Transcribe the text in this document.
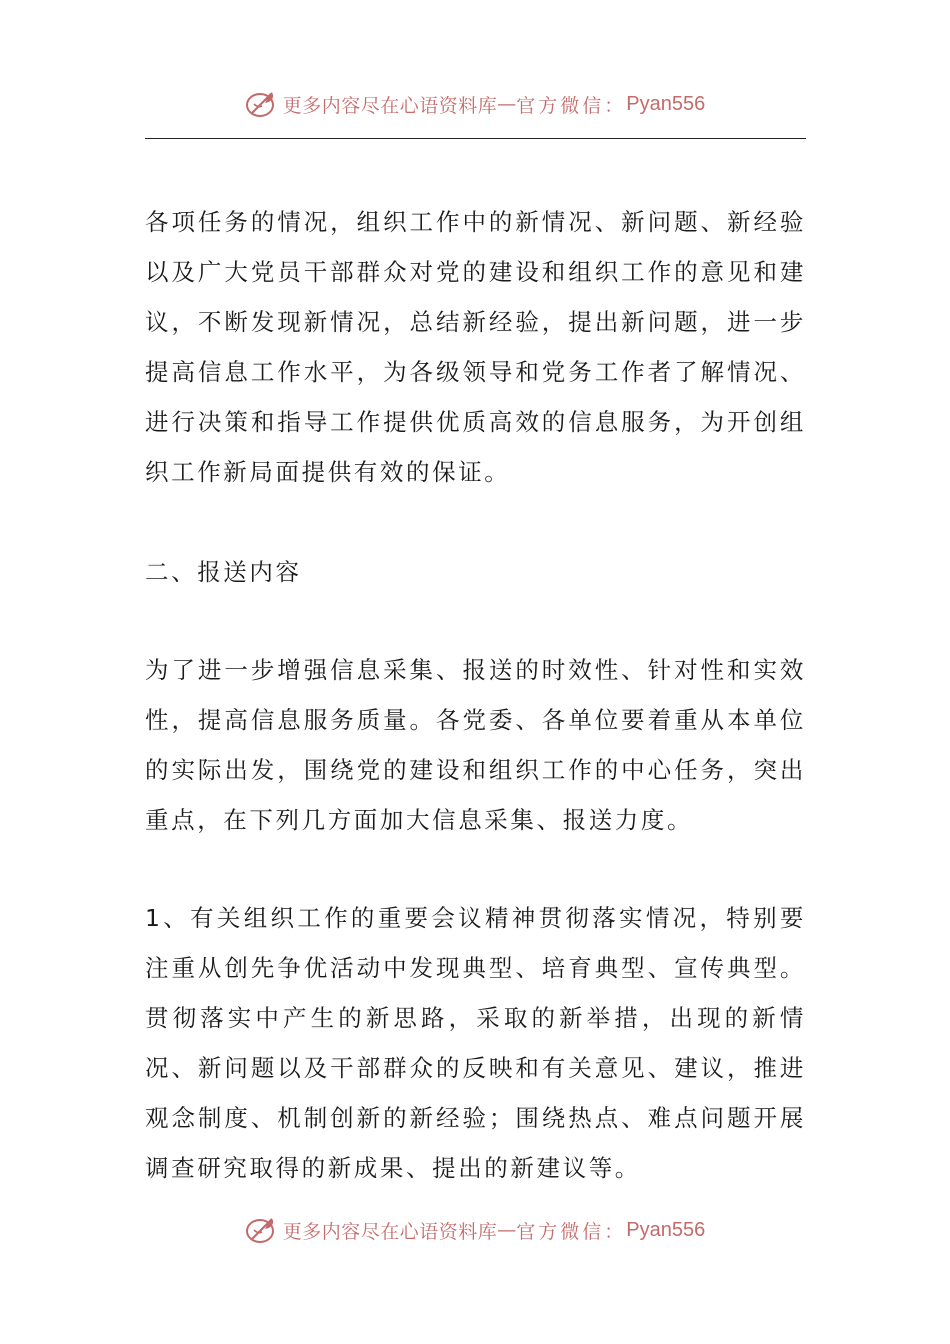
更多内容尽在心语资料库 — 官方微信： Pyan556

各项任务的情况，组织工作中的新情况、新问题、新经验以及广大党员干部群众对党的建设和组织工作的意见和建议，不断发现新情况，总结新经验，提出新问题，进一步提高信息工作水平，为各级领导和党务工作者了解情况、进行决策和指导工作提供优质高效的信息服务，为开创组织工作新局面提供有效的保证。

二、报送内容

为了进一步增强信息采集、报送的时效性、针对性和实效性，提高信息服务质量。各党委、各单位要着重从本单位的实际出发，围绕党的建设和组织工作的中心任务，突出重点，在下列几方面加大信息采集、报送力度。

1、有关组织工作的重要会议精神贯彻落实情况，特别要注重从创先争优活动中发现典型、培育典型、宣传典型。贯彻落实中产生的新思路，采取的新举措，出现的新情况、新问题以及干部群众的反映和有关意见、建议，推进观念制度、机制创新的新经验；围绕热点、难点问题开展调查研究取得的新成果、提出的新建议等。

更多内容尽在心语资料库 — 官方微信： Pyan556
